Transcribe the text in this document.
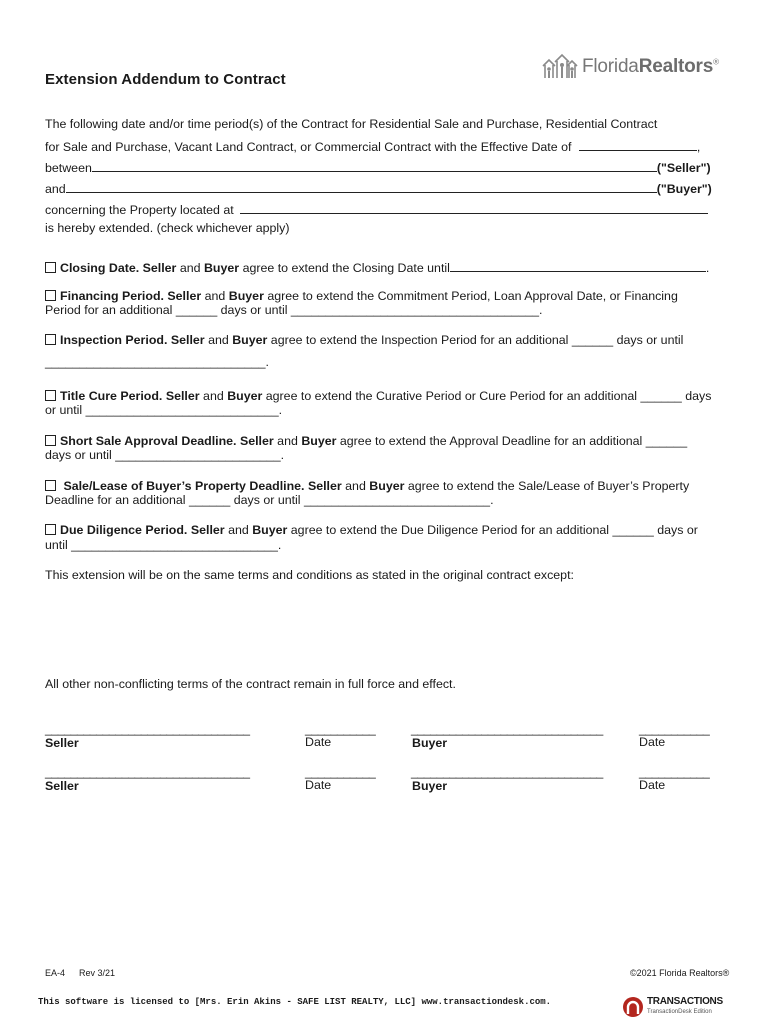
Extension Addendum to Contract
FloridaRealtors®
The following date and/or time period(s) of the Contract for Residential Sale and Purchase, Residential Contract
for Sale and Purchase, Vacant Land Contract, or Commercial Contract with the Effective Date of	,
between	("Seller")
and	("Buyer")
concerning the Property located at
is hereby extended. (check whichever apply)
Closing Date. Seller and Buyer agree to extend the Closing Date until	.
Financing Period. Seller and Buyer agree to extend the Commitment Period, Loan Approval Date, or Financing
Period for an additional ______ days or until ____________________________________.
Inspection Period. Seller and Buyer agree to extend the Inspection Period for an additional ______ days or until
________________________________.
Title Cure Period. Seller and Buyer agree to extend the Curative Period or Cure Period for an additional ______ days
or until ____________________________.
Short Sale Approval Deadline. Seller and Buyer agree to extend the Approval Deadline for an additional ______
days or until ________________________.
Sale/Lease of Buyer’s Property Deadline. Seller and Buyer agree to extend the Sale/Lease of Buyer’s Property
Deadline for an additional ______ days or until ___________________________.
Due Diligence Period. Seller and Buyer agree to extend the Due Diligence Period for an additional ______ days or
until ______________________________.
This extension will be on the same terms and conditions as stated in the original contract except:
All other non-conflicting terms of the contract remain in full force and effect.
________________________________
Seller
___________
Date
______________________________
Buyer
___________
Date
________________________________
Seller
___________
Date
______________________________
Buyer
___________
Date
EA-4 Rev 3/21	©2021 Florida Realtors®
This software is licensed to [Mrs. Erin Akins - SAFE LIST REALTY, LLC] www.transactiondesk.com.	TRANSACTIONS
TransactionDesk Edition
